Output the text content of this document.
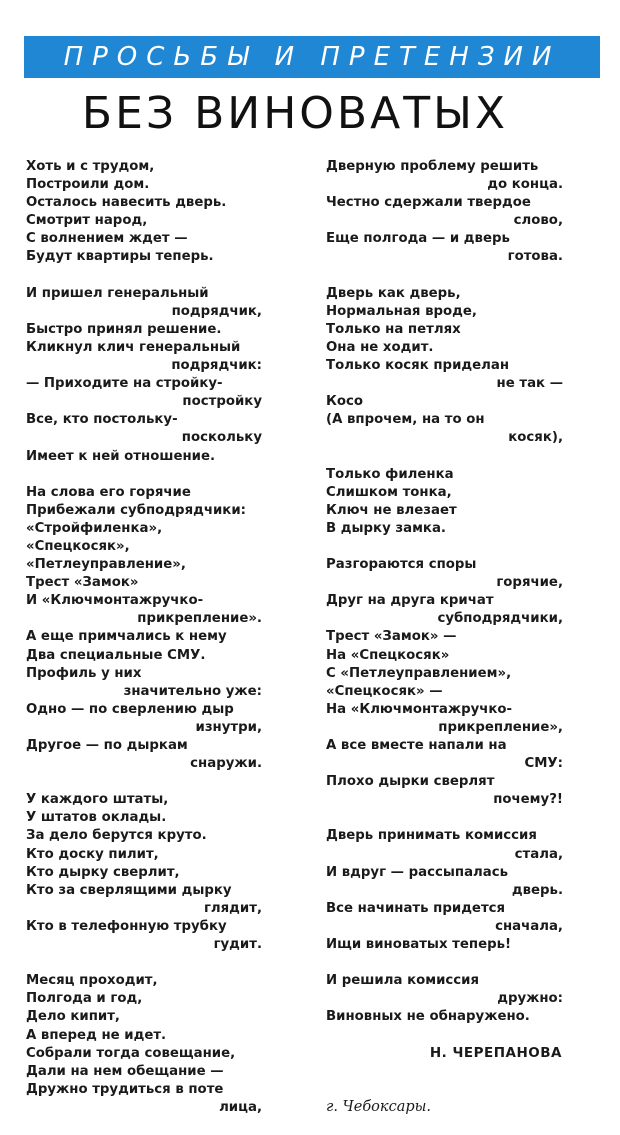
ПРОСЬБЫ И ПРЕТЕНЗИИ
БЕЗ ВИНОВАТЫХ
Хоть и с трудом,
Построили дом.
Осталось навесить дверь.
Смотрит народ,
С волнением ждет —
Будут квартиры теперь.
И пришел генеральный
подрядчик,
Быстро принял решение.
Кликнул клич генеральный
подрядчик:
— Приходите на стройку-
постройку
Все, кто постольку-
поскольку
Имеет к ней отношение.
На слова его горячие
Прибежали субподрядчики:
«Стройфиленка»,
«Спецкосяк»,
«Петлеуправление»,
Трест «Замок»
И «Ключмонтажручко-
прикрепление».
А еще примчались к нему
Два специальные СМУ.
Профиль у них
значительно уже:
Одно — по сверлению дыр
изнутри,
Другое — по дыркам
снаружи.
У каждого штаты,
У штатов оклады.
За дело берутся круто.
Кто доску пилит,
Кто дырку сверлит,
Кто за сверлящими дырку
глядит,
Кто в телефонную трубку
гудит.
Месяц проходит,
Полгода и год,
Дело кипит,
А вперед не идет.
Собрали тогда совещание,
Дали на нем обещание —
Дружно трудиться в поте
лица,
Дверную проблему решить
до конца.
Честно сдержали твердое
слово,
Еще полгода — и дверь
готова.
Дверь как дверь,
Нормальная вроде,
Только на петлях
Она не ходит.
Только косяк приделан
не так —
Косо
(А впрочем, на то он
косяк),
Только филенка
Слишком тонка,
Ключ не влезает
В дырку замка.
Разгораются споры
горячие,
Друг на друга кричат
субподрядчики,
Трест «Замок» —
На «Спецкосяк»
С «Петлеуправлением»,
«Спецкосяк» —
На «Ключмонтажручко-
прикрепление»,
А все вместе напали на
СМУ:
Плохо дырки сверлят
почему?!
Дверь принимать комиссия
стала,
И вдруг — рассыпалась
дверь.
Все начинать придется
сначала,
Ищи виноватых теперь!
И решила комиссия
дружно:
Виновных не обнаружено.
Н. ЧЕРЕПАНОВА
г. Чебоксары.
